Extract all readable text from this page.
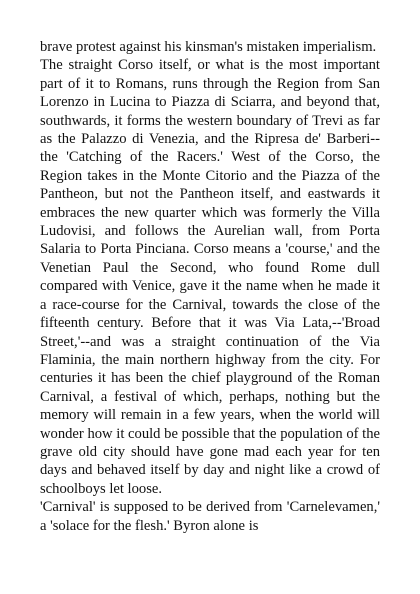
brave protest against his kinsman's mistaken imperialism.

The straight Corso itself, or what is the most important part of it to Romans, runs through the Region from San Lorenzo in Lucina to Piazza di Sciarra, and beyond that, southwards, it forms the western boundary of Trevi as far as the Palazzo di Venezia, and the Ripresa de' Barberi--the 'Catching of the Racers.' West of the Corso, the Region takes in the Monte Citorio and the Piazza of the Pantheon, but not the Pantheon itself, and eastwards it embraces the new quarter which was formerly the Villa Ludovisi, and follows the Aurelian wall, from Porta Salaria to Porta Pinciana. Corso means a 'course,' and the Venetian Paul the Second, who found Rome dull compared with Venice, gave it the name when he made it a race-course for the Carnival, towards the close of the fifteenth century. Before that it was Via Lata,--'Broad Street,'--and was a straight continuation of the Via Flaminia, the main northern highway from the city. For centuries it has been the chief playground of the Roman Carnival, a festival of which, perhaps, nothing but the memory will remain in a few years, when the world will wonder how it could be possible that the population of the grave old city should have gone mad each year for ten days and behaved itself by day and night like a crowd of schoolboys let loose.

'Carnival' is supposed to be derived from 'Carnelevamen,' a 'solace for the flesh.' Byron alone is
